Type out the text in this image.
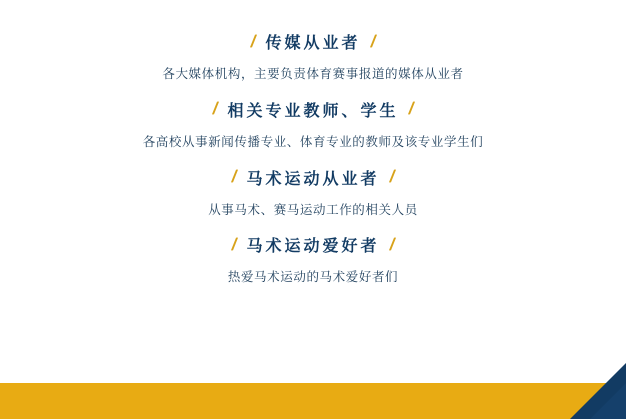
/ 传媒从业者 /
各大媒体机构，主要负责体育赛事报道的媒体从业者
/ 相关专业教师、学生 /
各高校从事新闻传播专业、体育专业的教师及该专业学生们
/ 马术运动从业者 /
从事马术、赛马运动工作的相关人员
/ 马术运动爱好者 /
热爱马术运动的马术爱好者们
